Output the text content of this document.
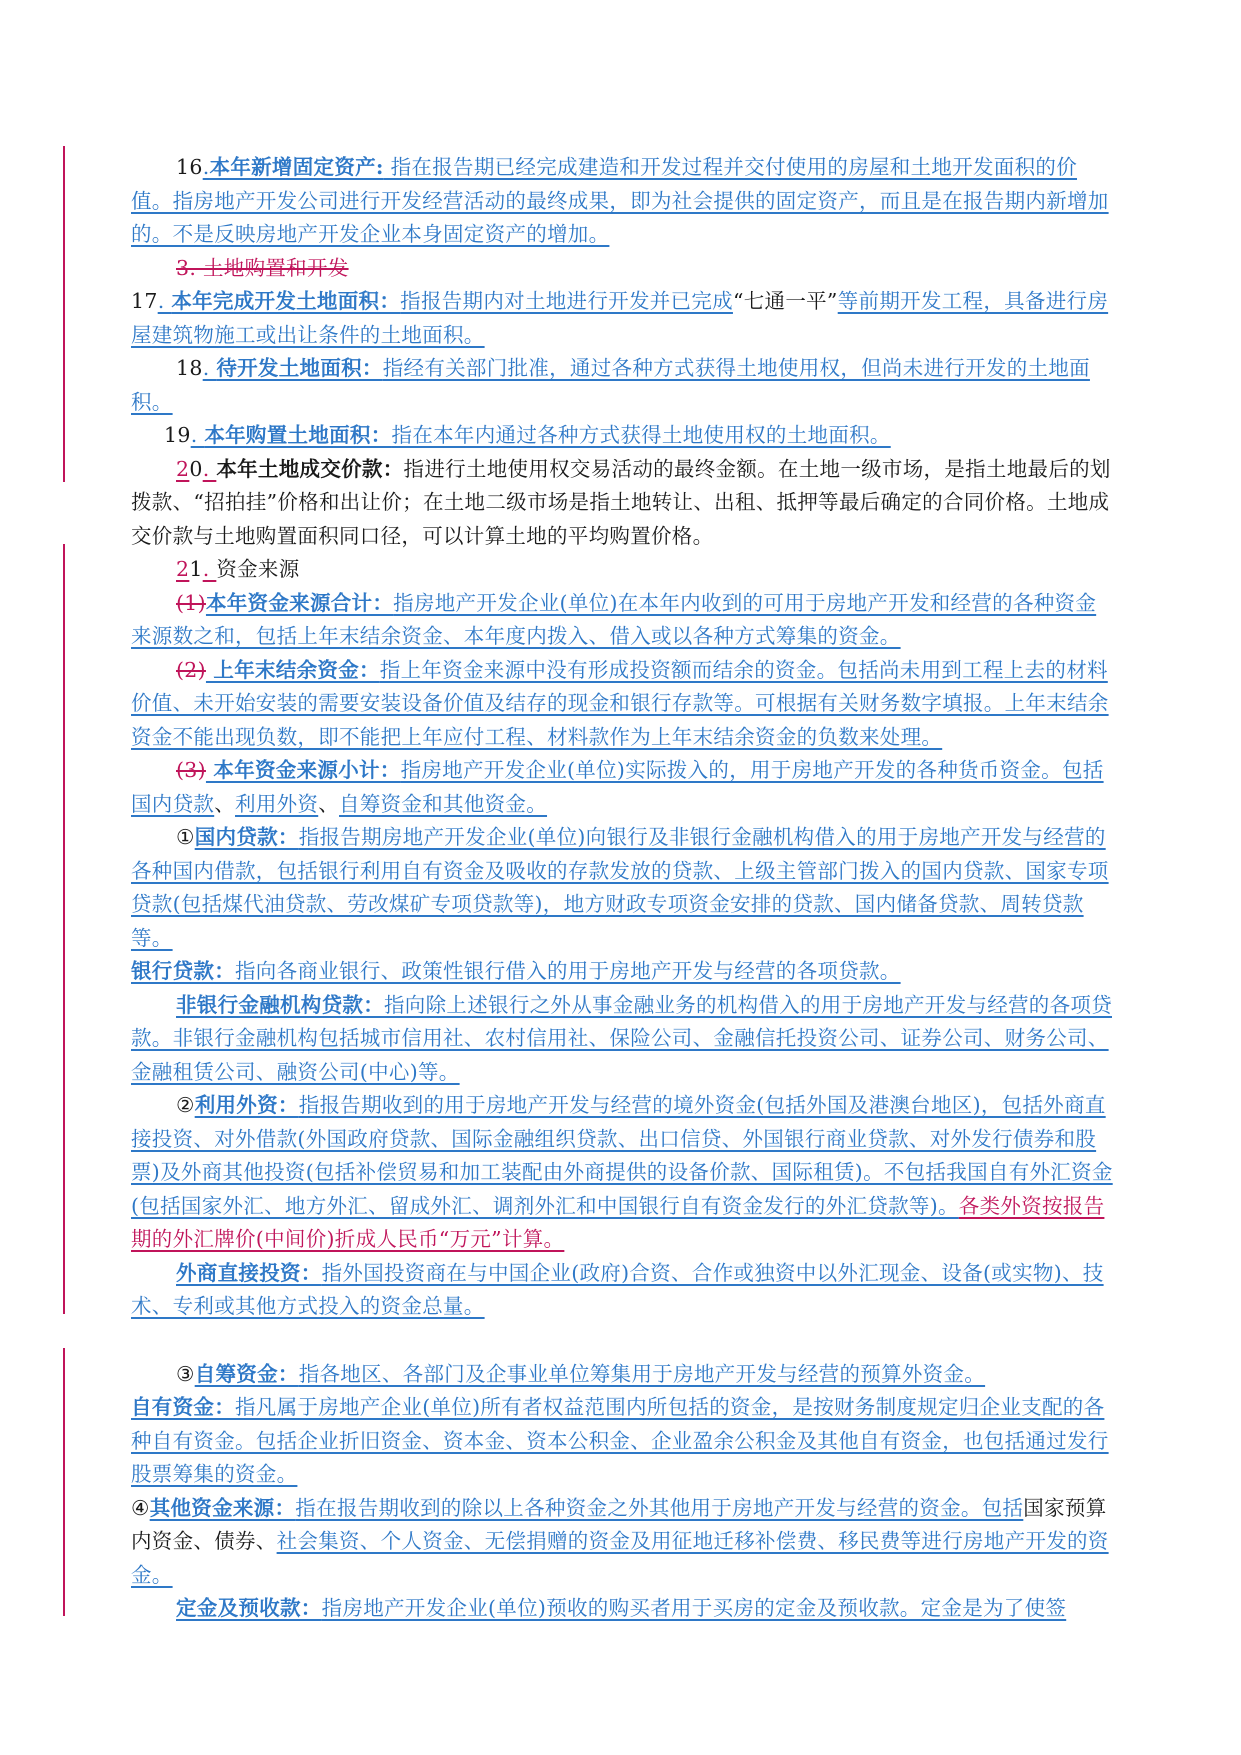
16.本年新增固定资产: 指在报告期已经完成建造和开发过程并交付使用的房屋和土地开发面积的价值。指房地产开发公司进行开发经营活动的最终成果，即为社会提供的固定资产，而且是在报告期内新增加的。不是反映房地产开发企业本身固定资产的增加。

3. 土地购置和开发

17. 本年完成开发土地面积：指报告期内对土地进行开发并已完成“七通一平”等前期开发工程，具备进行房屋建筑物施工或出让条件的土地面积。

18. 待开发土地面积：指经有关部门批准，通过各种方式获得土地使用权，但尚未进行开发的土地面积。

19. 本年购置土地面积：指在本年内通过各种方式获得土地使用权的土地面积。

20. 本年土地成交价款：指进行土地使用权交易活动的最终金额。在土地一级市场，是指土地最后的划拨款、“招拍挂”价格和出让价；在土地二级市场是指土地转让、出租、抵押等最后确定的合同价格。土地成交价款与土地购置面积同口径，可以计算土地的平均购置价格。

21. 资金来源

(1)本年资金来源合计：指房地产开发企业(单位)在本年内收到的可用于房地产开发和经营的各种资金来源数之和，包括上年末结余资金、本年度内拨入、借入或以各种方式筹集的资金。

(2) 上年末结余资金：指上年资金来源中没有形成投资额而结余的资金。包括尚未用到工程上去的材料价值、未开始安装的需要安装设备价值及结存的现金和银行存款等。可根据有关财务数字填报。上年末结余资金不能出现负数，即不能把上年应付工程、材料款作为上年末结余资金的负数来处理。

(3) 本年资金来源小计：指房地产开发企业(单位)实际拨入的，用于房地产开发的各种货币资金。包括国内贷款、利用外资、自筹资金和其他资金。

①国内贷款：指报告期房地产开发企业(单位)向银行及非银行金融机构借入的用于房地产开发与经营的各种国内借款，包括银行利用自有资金及吸收的存款发放的贷款、上级主管部门拨入的国内贷款、国家专项贷款(包括煤代油贷款、劳改煤矿专项贷款等)，地方财政专项资金安排的贷款、国内储备贷款、周转贷款等。

银行贷款：指向各商业银行、政策性银行借入的用于房地产开发与经营的各项贷款。

非银行金融机构贷款：指向除上述银行之外从事金融业务的机构借入的用于房地产开发与经营的各项贷款。非银行金融机构包括城市信用社、农村信用社、保险公司、金融信托投资公司、证券公司、财务公司、金融租赁公司、融资公司(中心)等。

②利用外资：指报告期收到的用于房地产开发与经营的境外资金(包括外国及港澳台地区)，包括外商直接投资、对外借款(外国政府贷款、国际金融组织贷款、出口信贷、外国银行商业贷款、对外发行债券和股票)及外商其他投资(包括补偿贸易和加工装配由外商提供的设备价款、国际租赁)。不包括我国自有外汇资金(包括国家外汇、地方外汇、留成外汇、调剂外汇和中国银行自有资金发行的外汇贷款等)。各类外资按报告期的外汇牌价(中间价)折成人民币“万元”计算。

外商直接投资：指外国投资商在与中国企业(政府)合资、合作或独资中以外汇现金、设备(或实物)、技术、专利或其他方式投入的资金总量。

③自筹资金：指各地区、各部门及企事业单位筹集用于房地产开发与经营的预算外资金。

自有资金：指凡属于房地产企业(单位)所有者权益范围内所包括的资金，是按财务制度规定归企业支配的各种自有资金。包括企业折旧资金、资本金、资本公积金、企业盈余公积金及其他自有资金，也包括通过发行股票筹集的资金。

④其他资金来源：指在报告期收到的除以上各种资金之外其他用于房地产开发与经营的资金。包括国家预算内资金、债券、社会集资、个人资金、无偿捐赠的资金及用征地迁移补偿费、移民费等进行房地产开发的资金。

定金及预收款：指房地产开发企业(单位)预收的购买者用于买房的定金及预收款。定金是为了使签
